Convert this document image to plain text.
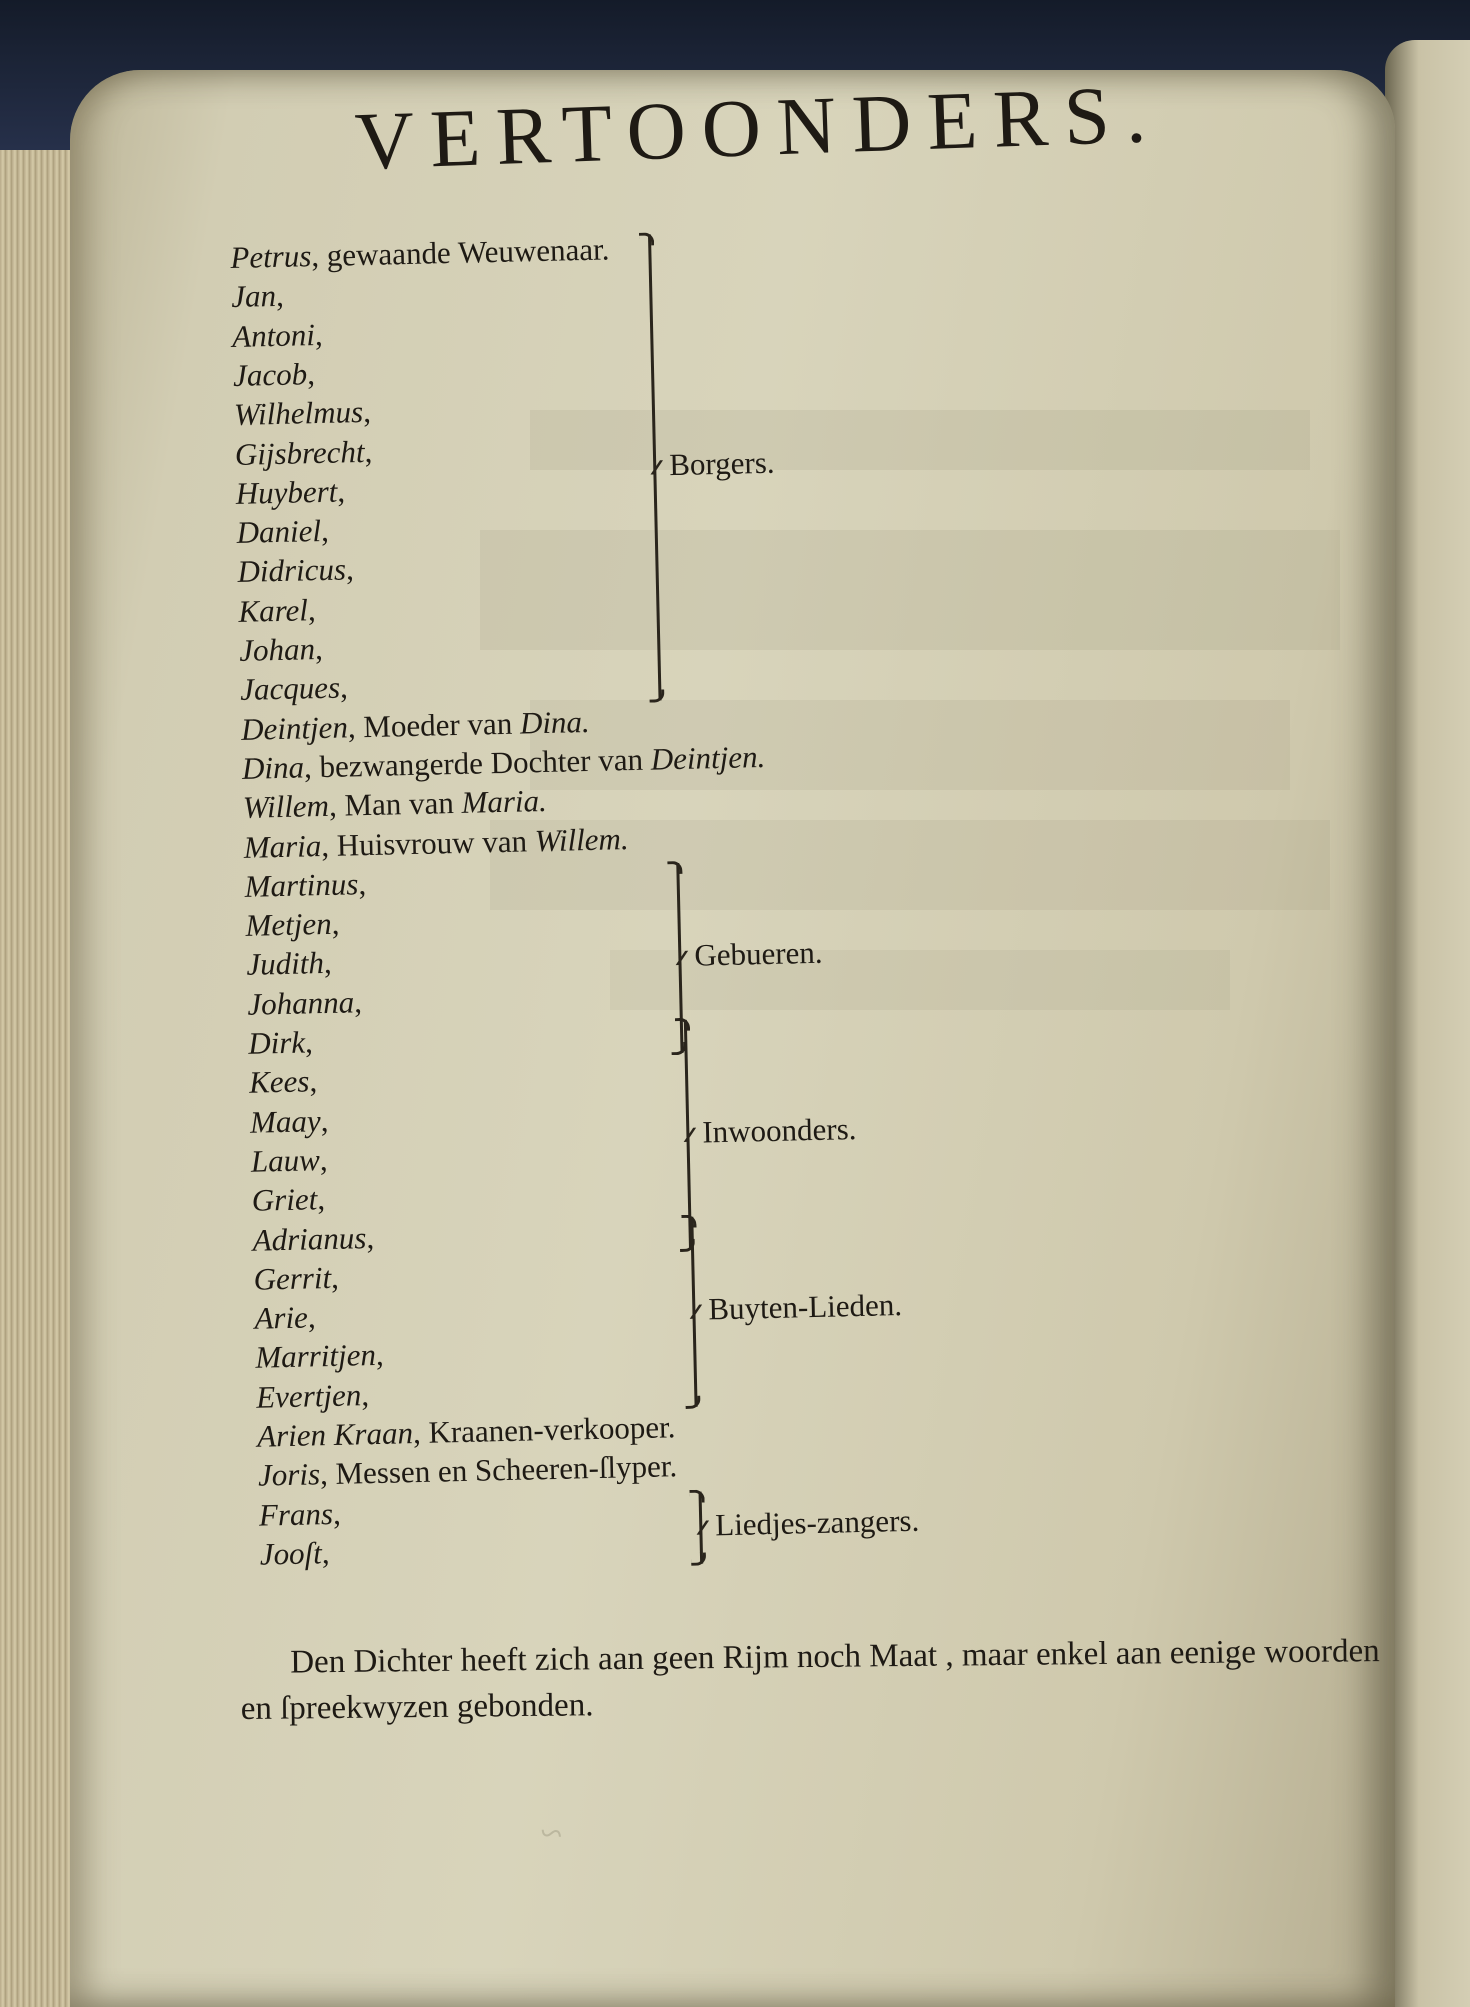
VERTOONDERS.
Petrus, gewaande Weuwenaar.
Jan,
Antoni,
Jacob,
Wilhelmus,
Gijsbrecht,
Huybert,
Daniel,
Didricus,
Karel,
Johan,
Jacques,
Deintjen, Moeder van Dina.
Dina, bezwangerde Dochter van Deintjen.
Willem, Man van Maria.
Maria, Huisvrouw van Willem.
Martinus,
Metjen,
Judith,
Johanna,
Dirk,
Kees,
Maay,
Lauw,
Griet,
Adrianus,
Gerrit,
Arie,
Marritjen,
Evertjen,
Arien Kraan, Kraanen-verkooper.
Joris, Messen en Scheeren-ſlyper.
Frans,
Jooſt,
Borgers.
Gebueren.
Inwoonders.
Buyten-Lieden.
Liedjes-zangers.
Den Dichter heeft zich aan geen Rijm noch Maat , maar enkel aan eenige woorden en ſpreekwyzen gebonden.
~
